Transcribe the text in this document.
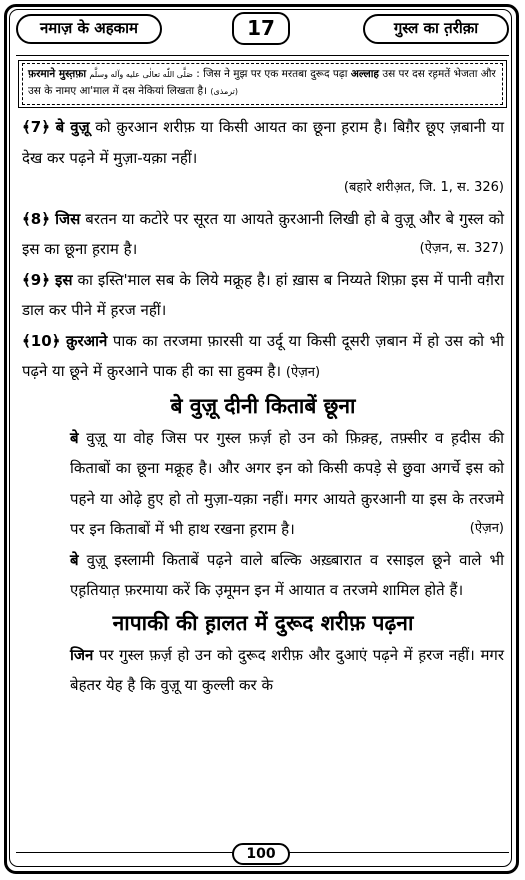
नमाज़ के अहकाम	17	गुस्ल का त़रीक़ा
फ़रमाने मुस्त़फ़ा صَلَّى اللّٰه تعالٰی علیه وآله وسلَّم : जिस ने मुझ पर एक मरतबा दुरूद पढ़ा अल्लाह उस पर दस रह़मतें भेजता और उस के नामए आ'माल में दस नेकियां लिखता है। (ترمذی)

﴾7﴿ बे वुज़ू को क़ुरआन शरीफ़ या किसी आयत का छूना ह़राम है। बिग़ैर छूए ज़बानी या देख कर पढ़ने में मुज़ा-यक़ा नहीं।

(बहारे शरीअ़त, जि. 1, स. 326)

﴾8﴿ जिस बरतन या कटोरे पर सूरत या आयते क़ुरआनी लिखी हो बे वुज़ू और बे गुस्ल को इस का छूना ह़राम है।	(ऐज़न, स. 327)

﴾9﴿ इस का इस्ति'माल सब के लिये मक्रूह है। हां ख़ास ब निय्यते शिफ़ा इस में पानी वग़ैरा डाल कर पीने में ह़रज नहीं।

﴾10﴿ क़ुरआने पाक का तरजमा फ़ारसी या उर्दू या किसी दूसरी ज़बान में हो उस को भी पढ़ने या छूने में क़ुरआने पाक ही का सा हुक्म है। (ऐज़न)

बे वुज़ू दीनी किताबें छूना

बे वुज़ू या वोह जिस पर गुस्ल फ़र्ज़ हो उन को फ़िक़्ह, तफ़्सीर व ह़दीस की किताबों का छूना मक्रूह है। और अगर इन को किसी कपड़े से छुवा अगर्चे इस को पहने या ओढ़े हुए हो तो मुज़ा-यक़ा नहीं। मगर आयते क़ुरआनी या इस के तरजमे पर इन किताबों में भी हाथ रखना ह़राम है।	(ऐज़न)

बे वुज़ू इस्लामी किताबें पढ़ने वाले बल्कि अख़्बारात व रसाइल छूने वाले भी एह़तियात़ फ़रमाया करें कि उ़मूमन इन में आयात व तरजमे शामिल होते हैं।

नापाकी की ह़ालत में दुरूद शरीफ़ पढ़ना

जिन पर गुस्ल फ़र्ज़ हो उन को दुरूद शरीफ़ और दुआएं पढ़ने में ह़रज नहीं। मगर बेहतर येह है कि वुज़ू या कुल्ली कर के

100
